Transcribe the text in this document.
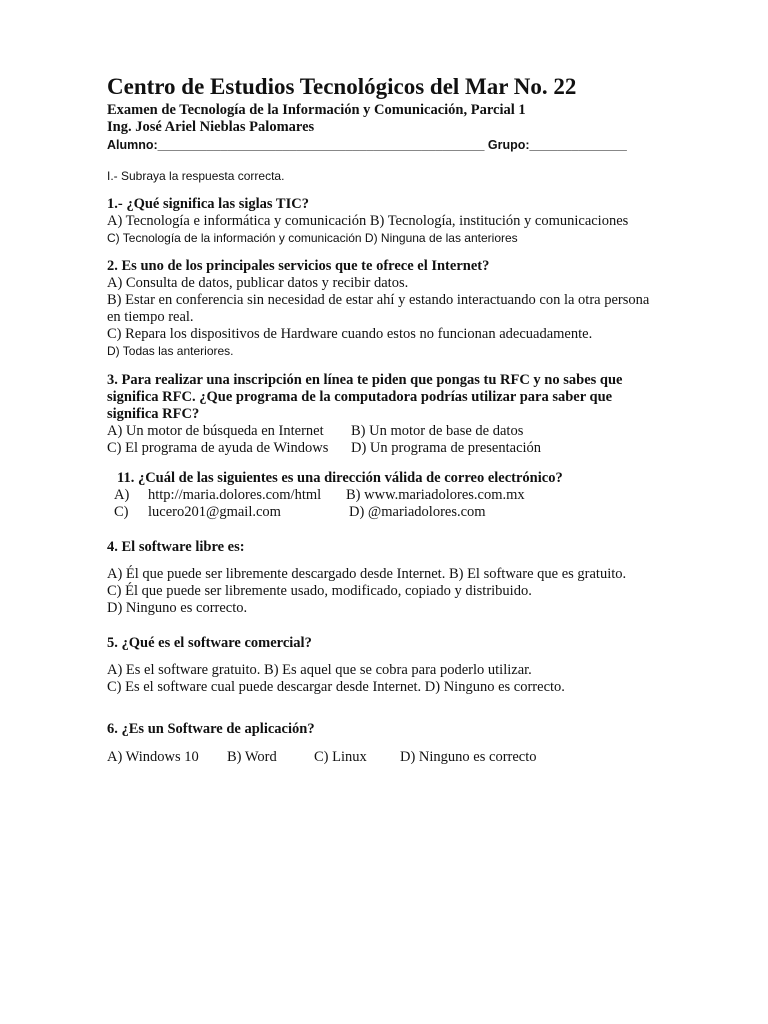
Centro de Estudios Tecnológicos del Mar No. 22
Examen de Tecnología de la Información y Comunicación, Parcial 1
Ing. José Ariel Nieblas Palomares
Alumno:_______________________________________________ Grupo:______________
I.- Subraya la respuesta correcta.
1.- ¿Qué significa las siglas TIC?
A) Tecnología e informática y comunicación B) Tecnología, institución y comunicaciones
C) Tecnología de la información y comunicación D) Ninguna de las anteriores
2. Es uno de los principales servicios que te ofrece el Internet?
A) Consulta de datos, publicar datos y recibir datos.
B) Estar en conferencia sin necesidad de estar ahí y estando interactuando con la otra persona
en tiempo real.
C) Repara los dispositivos de Hardware cuando estos no funcionan adecuadamente.
D) Todas las anteriores.
3. Para realizar una inscripción en línea te piden que pongas tu RFC y no sabes que
significa RFC. ¿Que programa de la computadora podrías utilizar para saber que
significa RFC?
A) Un motor de búsqueda en Internet	B) Un motor de base de datos
C) El programa de ayuda de Windows	D) Un programa de presentación
11. ¿Cuál de las siguientes es una dirección válida de correo electrónico?
A)	http://maria.dolores.com/html	B) www.mariadolores.com.mx
C)	lucero201@gmail.com	D) @mariadolores.com
4. El software libre es:
A) Él que puede ser libremente descargado desde Internet. B) El software que es gratuito.
C) Él que puede ser libremente usado, modificado, copiado y distribuido.
D) Ninguno es correcto.
5. ¿Qué es el software comercial?
A) Es el software gratuito. B) Es aquel que se cobra para poderlo utilizar.
C) Es el software cual puede descargar desde Internet. D) Ninguno es correcto.
6. ¿Es un Software de aplicación?
A) Windows 10	B) Word	C) Linux	D) Ninguno es correcto
